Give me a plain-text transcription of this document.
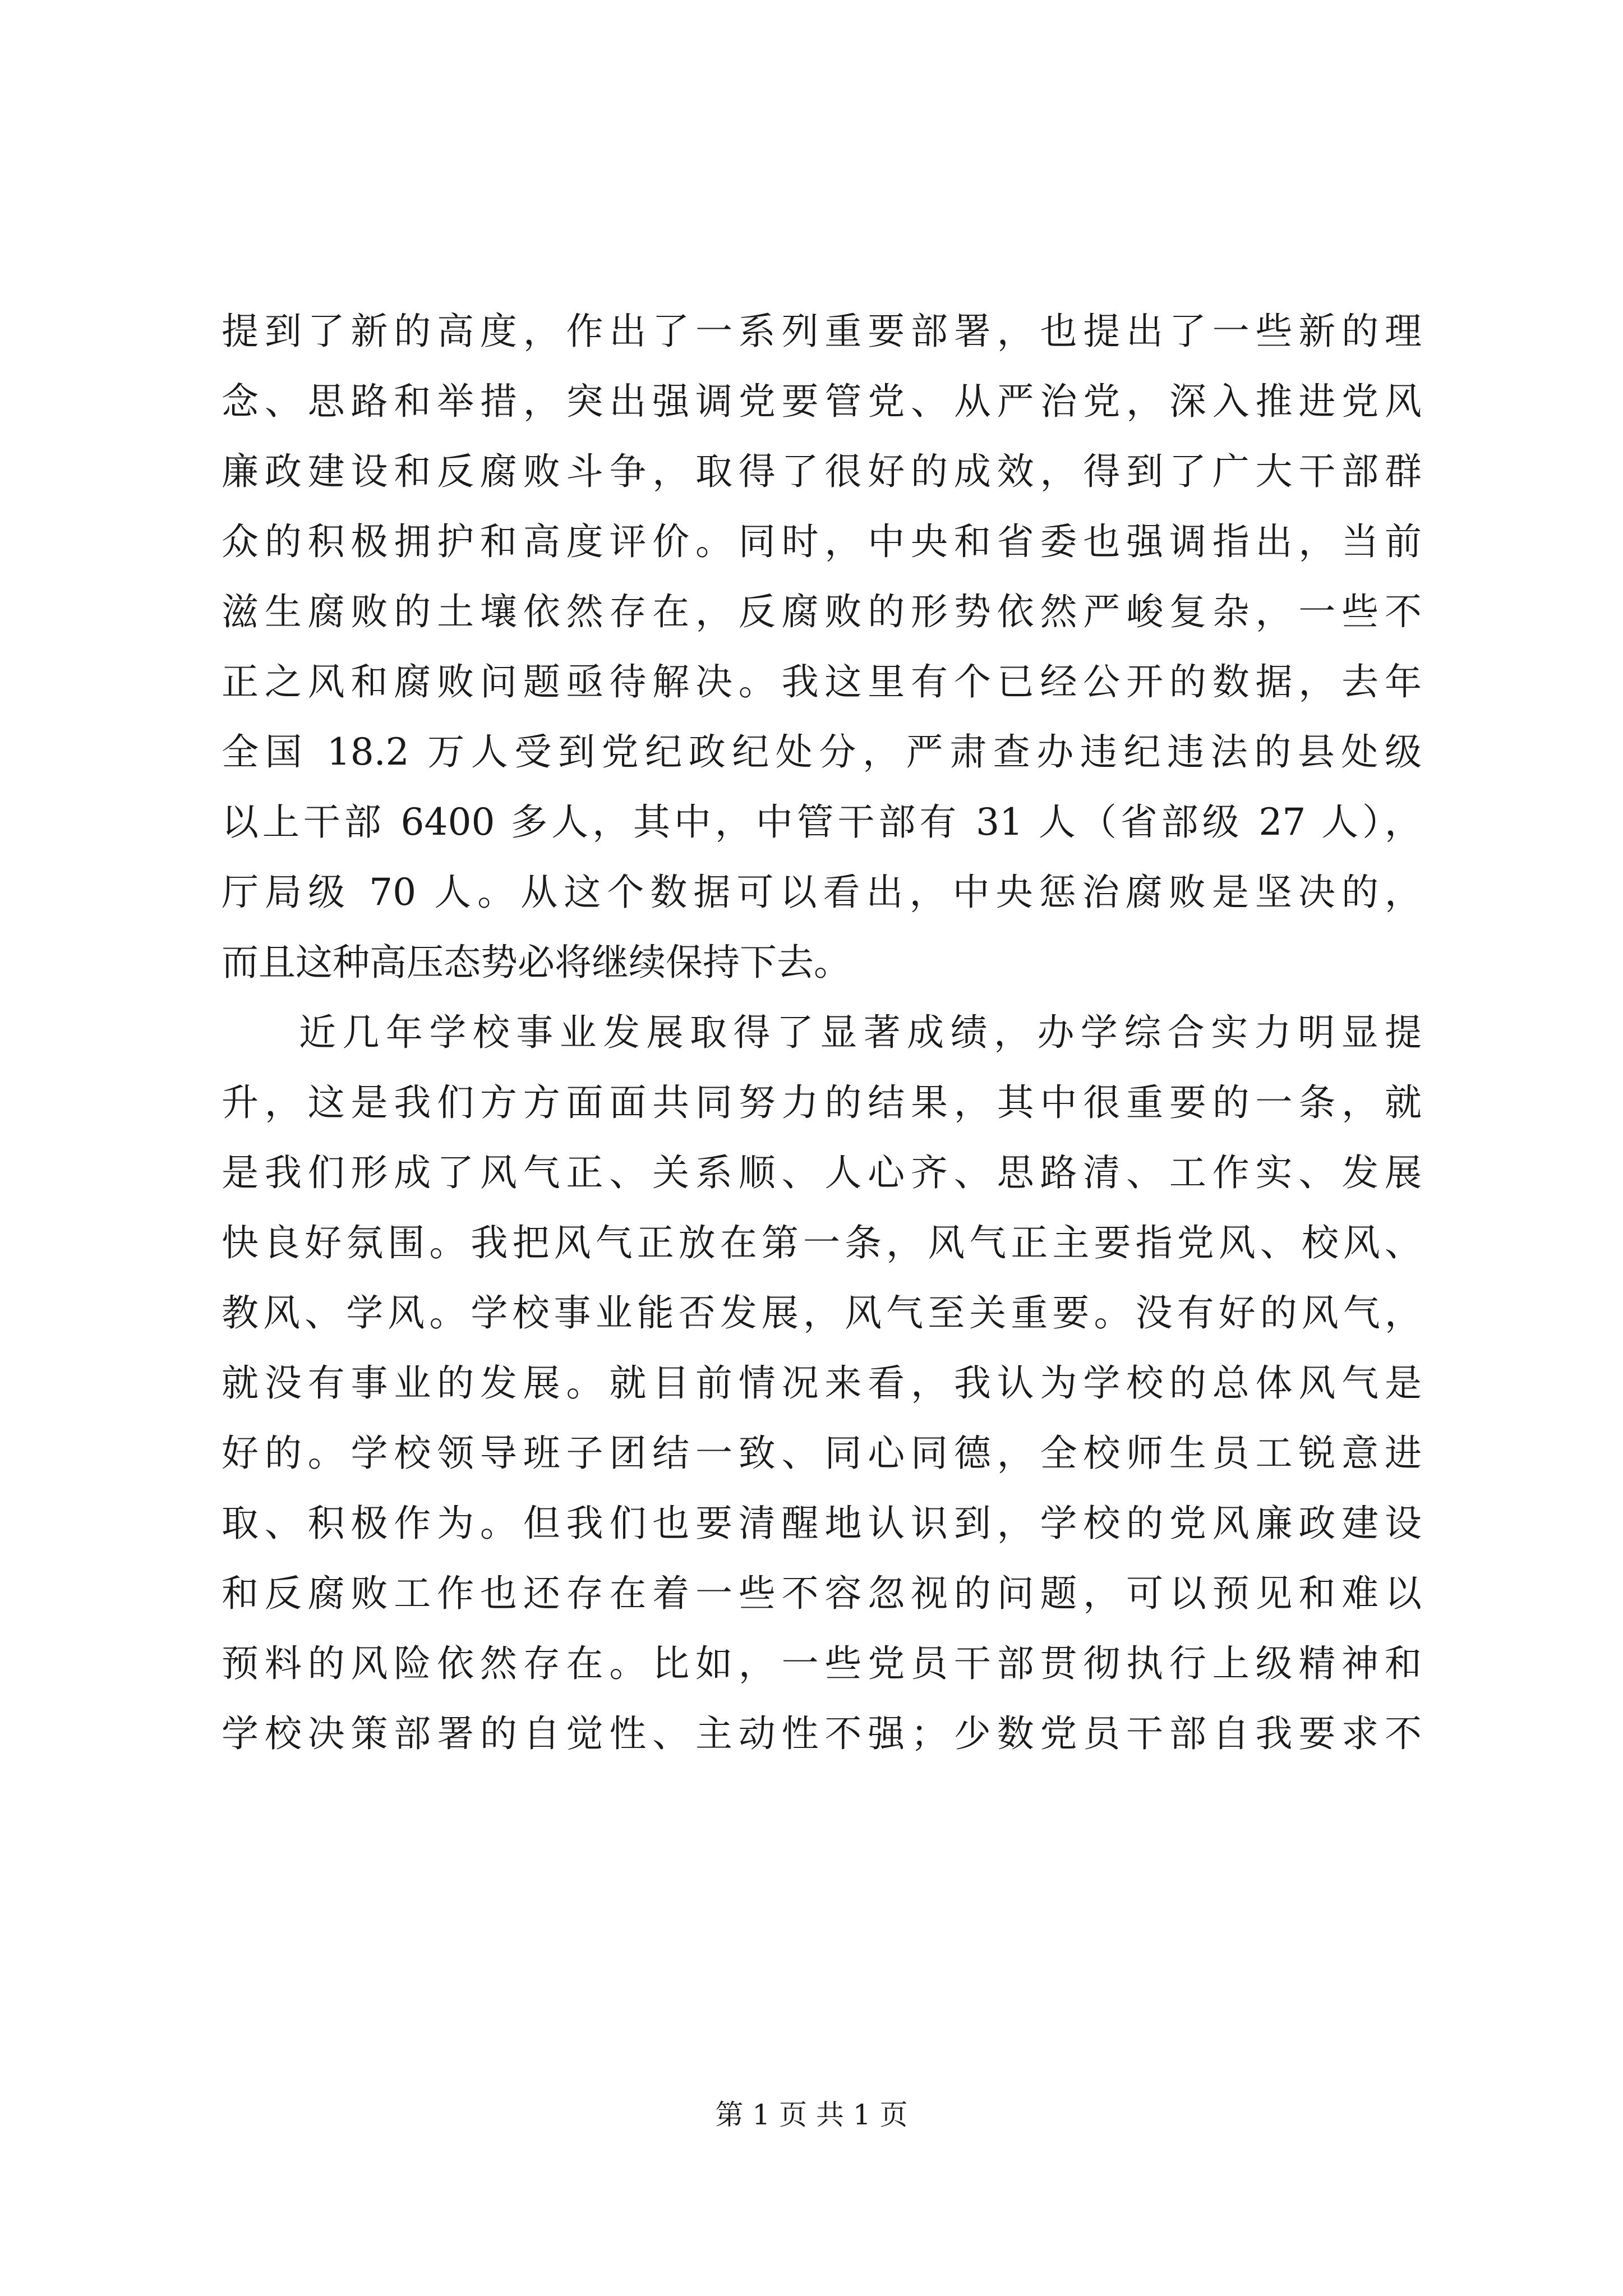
提到了新的高度，作出了一系列重要部署，也提出了一些新的理
念、思路和举措，突出强调党要管党、从严治党，深入推进党风
廉政建设和反腐败斗争，取得了很好的成效，得到了广大干部群
众的积极拥护和高度评价。同时，中央和省委也强调指出，当前
滋生腐败的土壤依然存在，反腐败的形势依然严峻复杂，一些不
正之风和腐败问题亟待解决。我这里有个已经公开的数据，去年
全国 18.2 万人受到党纪政纪处分，严肃查办违纪违法的县处级
以上干部 6400 多人，其中，中管干部有 31 人（省部级 27 人），
厅局级 70 人。从这个数据可以看出，中央惩治腐败是坚决的，
而且这种高压态势必将继续保持下去。
近几年学校事业发展取得了显著成绩，办学综合实力明显提
升，这是我们方方面面共同努力的结果，其中很重要的一条，就
是我们形成了风气正、关系顺、人心齐、思路清、工作实、发展
快良好氛围。我把风气正放在第一条，风气正主要指党风、校风、
教风、学风。学校事业能否发展，风气至关重要。没有好的风气，
就没有事业的发展。就目前情况来看，我认为学校的总体风气是
好的。学校领导班子团结一致、同心同德，全校师生员工锐意进
取、积极作为。但我们也要清醒地认识到，学校的党风廉政建设
和反腐败工作也还存在着一些不容忽视的问题，可以预见和难以
预料的风险依然存在。比如，一些党员干部贯彻执行上级精神和
学校决策部署的自觉性、主动性不强；少数党员干部自我要求不
第 1 页 共 1 页
